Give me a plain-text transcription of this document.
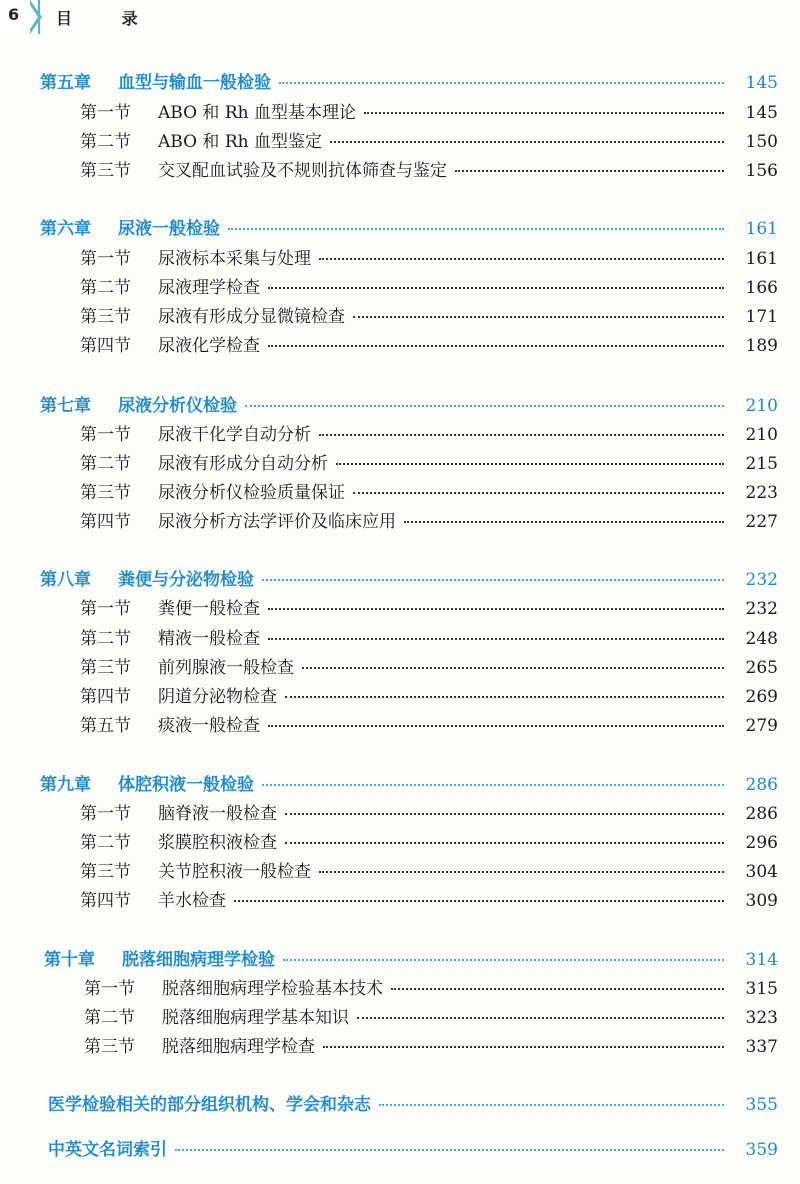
6 目 录
第五章	血型与输血一般检验	145
第一节	ABO 和 Rh 血型基本理论	145
第二节	ABO 和 Rh 血型鉴定	150
第三节	交叉配血试验及不规则抗体筛查与鉴定	156
第六章	尿液一般检验	161
第一节	尿液标本采集与处理	161
第二节	尿液理学检查	166
第三节	尿液有形成分显微镜检查	171
第四节	尿液化学检查	189
第七章	尿液分析仪检验	210
第一节	尿液干化学自动分析	210
第二节	尿液有形成分自动分析	215
第三节	尿液分析仪检验质量保证	223
第四节	尿液分析方法学评价及临床应用	227
第八章	粪便与分泌物检验	232
第一节	粪便一般检查	232
第二节	精液一般检查	248
第三节	前列腺液一般检查	265
第四节	阴道分泌物检查	269
第五节	痰液一般检查	279
第九章	体腔积液一般检验	286
第一节	脑脊液一般检查	286
第二节	浆膜腔积液检查	296
第三节	关节腔积液一般检查	304
第四节	羊水检查	309
第十章	脱落细胞病理学检验	314
第一节	脱落细胞病理学检验基本技术	315
第二节	脱落细胞病理学基本知识	323
第三节	脱落细胞病理学检查	337
医学检验相关的部分组织机构、学会和杂志	355
中英文名词索引	359
